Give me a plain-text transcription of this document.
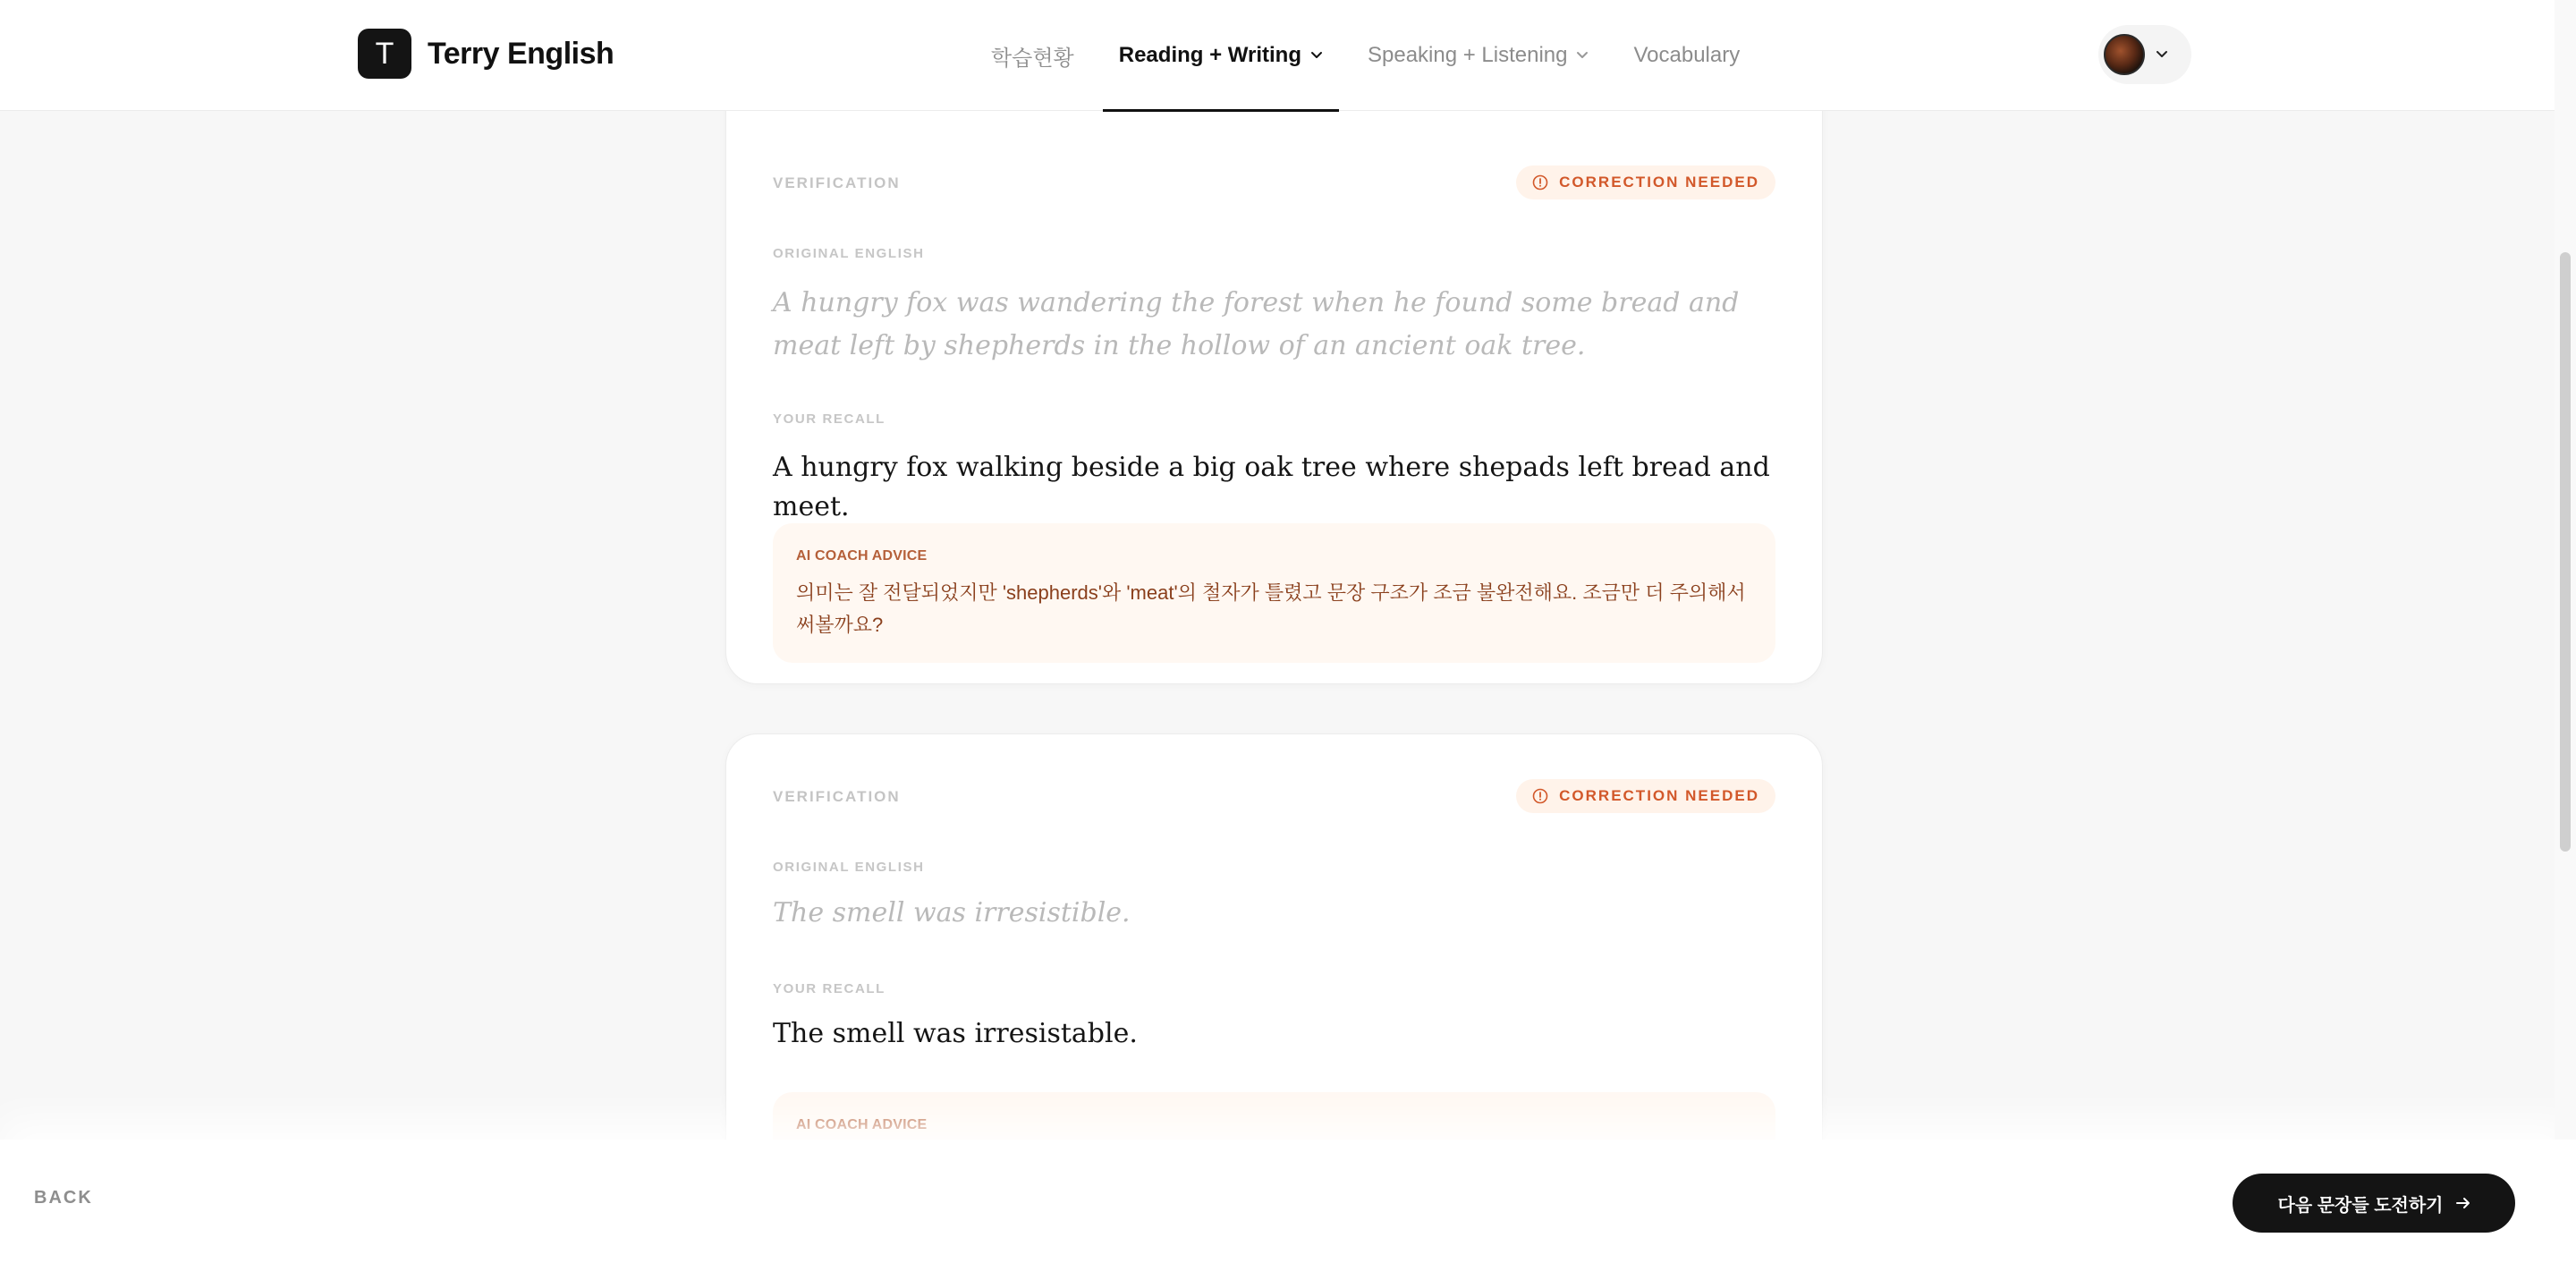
T	Terry English	학습현황 Reading + Writing	Speaking + Listening	Vocabulary
VERIFICATION	CORRECTION NEEDED
ORIGINAL ENGLISH
A hungry fox was wandering the forest when he found some bread and meat left by shepherds in the hollow of an ancient oak tree.
YOUR RECALL
A hungry fox walking beside a big oak tree where shepads left bread and meet.
AI COACH ADVICE
의미는 잘 전달되었지만 'shepherds'와 'meat'의 철자가 틀렸고 문장 구조가 조금 불완전해요. 조금만 더 주의해서 써볼까요?
VERIFICATION	CORRECTION NEEDED
ORIGINAL ENGLISH
The smell was irresistible.
YOUR RECALL
The smell was irresistable.
AI COACH ADVICE
BACK	다음 문장들 도전하기
